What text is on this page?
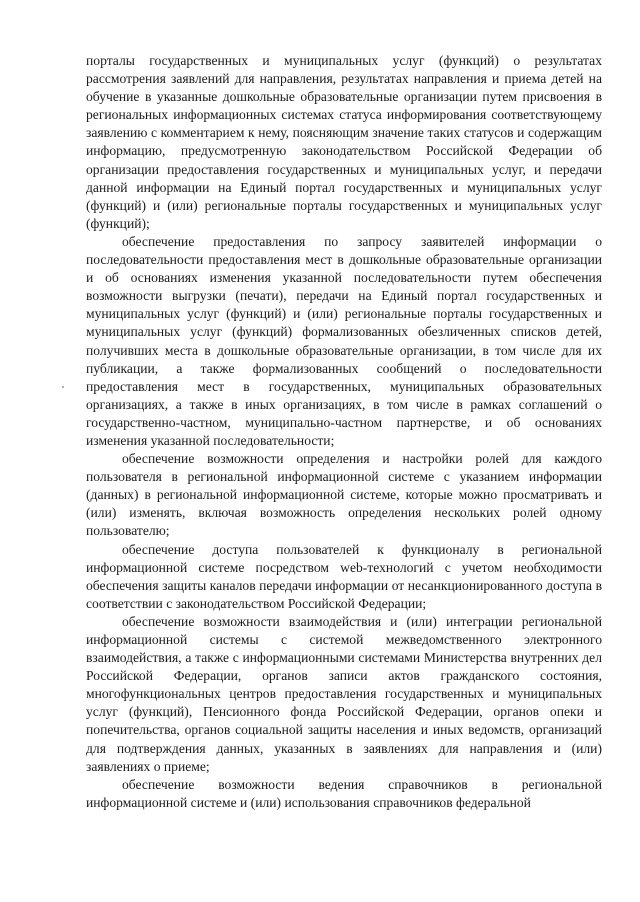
порталы государственных и муниципальных услуг (функций) о результатах рассмотрения заявлений для направления, результатах направления и приема детей на обучение в указанные дошкольные образовательные организации путем присвоения в региональных информационных системах статуса информирования соответствующему заявлению с комментарием к нему, поясняющим значение таких статусов и содержащим информацию, предусмотренную законодательством Российской Федерации об организации предоставления государственных и муниципальных услуг, и передачи данной информации на Единый портал государственных и муниципальных услуг (функций) и (или) региональные порталы государственных и муниципальных услуг (функций);

обеспечение предоставления по запросу заявителей информации о последовательности предоставления мест в дошкольные образовательные организации и об основаниях изменения указанной последовательности путем обеспечения возможности выгрузки (печати), передачи на Единый портал государственных и муниципальных услуг (функций) и (или) региональные порталы государственных и муниципальных услуг (функций) формализованных обезличенных списков детей, получивших места в дошкольные образовательные организации, в том числе для их публикации, а также формализованных сообщений о последовательности предоставления мест в государственных, муниципальных образовательных организациях, а также в иных организациях, в том числе в рамках соглашений о государственно-частном, муниципально-частном партнерстве, и об основаниях изменения указанной последовательности;

обеспечение возможности определения и настройки ролей для каждого пользователя в региональной информационной системе с указанием информации (данных) в региональной информационной системе, которые можно просматривать и (или) изменять, включая возможность определения нескольких ролей одному пользователю;

обеспечение доступа пользователей к функционалу в региональной информационной системе посредством web-технологий с учетом необходимости обеспечения защиты каналов передачи информации от несанкционированного доступа в соответствии с законодательством Российской Федерации;

обеспечение возможности взаимодействия и (или) интеграции региональной информационной системы с системой межведомственного электронного взаимодействия, а также с информационными системами Министерства внутренних дел Российской Федерации, органов записи актов гражданского состояния, многофункциональных центров предоставления государственных и муниципальных услуг (функций), Пенсионного фонда Российской Федерации, органов опеки и попечительства, органов социальной защиты населения и иных ведомств, организаций для подтверждения данных, указанных в заявлениях для направления и (или) заявлениях о приеме;

обеспечение возможности ведения справочников в региональной информационной системе и (или) использования справочников федеральной
